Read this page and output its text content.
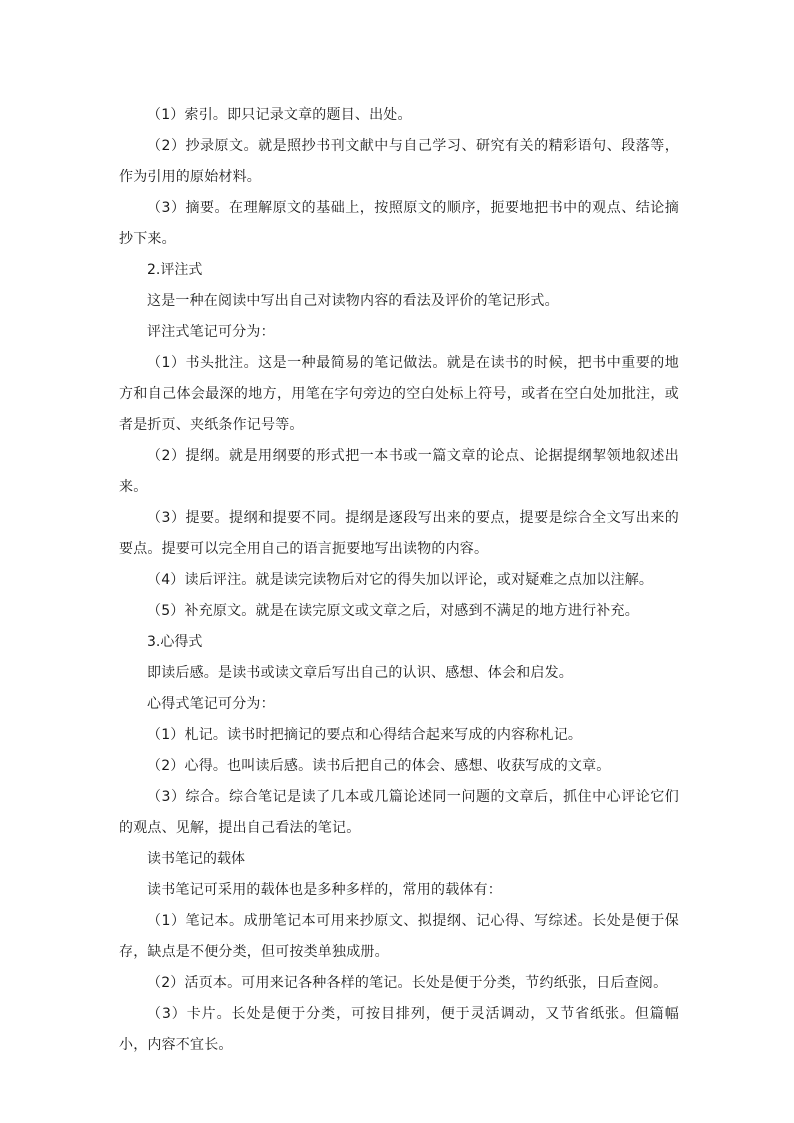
（1）索引。即只记录文章的题目、出处。

（2）抄录原文。就是照抄书刊文献中与自己学习、研究有关的精彩语句、段落等，作为引用的原始材料。

（3）摘要。在理解原文的基础上，按照原文的顺序，扼要地把书中的观点、结论摘抄下来。

2.评注式

这是一种在阅读中写出自己对读物内容的看法及评价的笔记形式。

评注式笔记可分为：

（1）书头批注。这是一种最简易的笔记做法。就是在读书的时候，把书中重要的地方和自己体会最深的地方，用笔在字句旁边的空白处标上符号，或者在空白处加批注，或者是折页、夹纸条作记号等。

（2）提纲。就是用纲要的形式把一本书或一篇文章的论点、论据提纲挈领地叙述出来。

（3）提要。提纲和提要不同。提纲是逐段写出来的要点，提要是综合全文写出来的要点。提要可以完全用自己的语言扼要地写出读物的内容。

（4）读后评注。就是读完读物后对它的得失加以评论，或对疑难之点加以注解。

（5）补充原文。就是在读完原文或文章之后，对感到不满足的地方进行补充。

3.心得式

即读后感。是读书或读文章后写出自己的认识、感想、体会和启发。

心得式笔记可分为：

（1）札记。读书时把摘记的要点和心得结合起来写成的内容称札记。

（2）心得。也叫读后感。读书后把自己的体会、感想、收获写成的文章。

（3）综合。综合笔记是读了几本或几篇论述同一问题的文章后，抓住中心评论它们的观点、见解，提出自己看法的笔记。

读书笔记的载体

读书笔记可采用的载体也是多种多样的，常用的载体有：

（1）笔记本。成册笔记本可用来抄原文、拟提纲、记心得、写综述。长处是便于保存，缺点是不便分类，但可按类单独成册。

（2）活页本。可用来记各种各样的笔记。长处是便于分类，节约纸张，日后查阅。

（3）卡片。长处是便于分类，可按目排列，便于灵活调动，又节省纸张。但篇幅小，内容不宜长。
